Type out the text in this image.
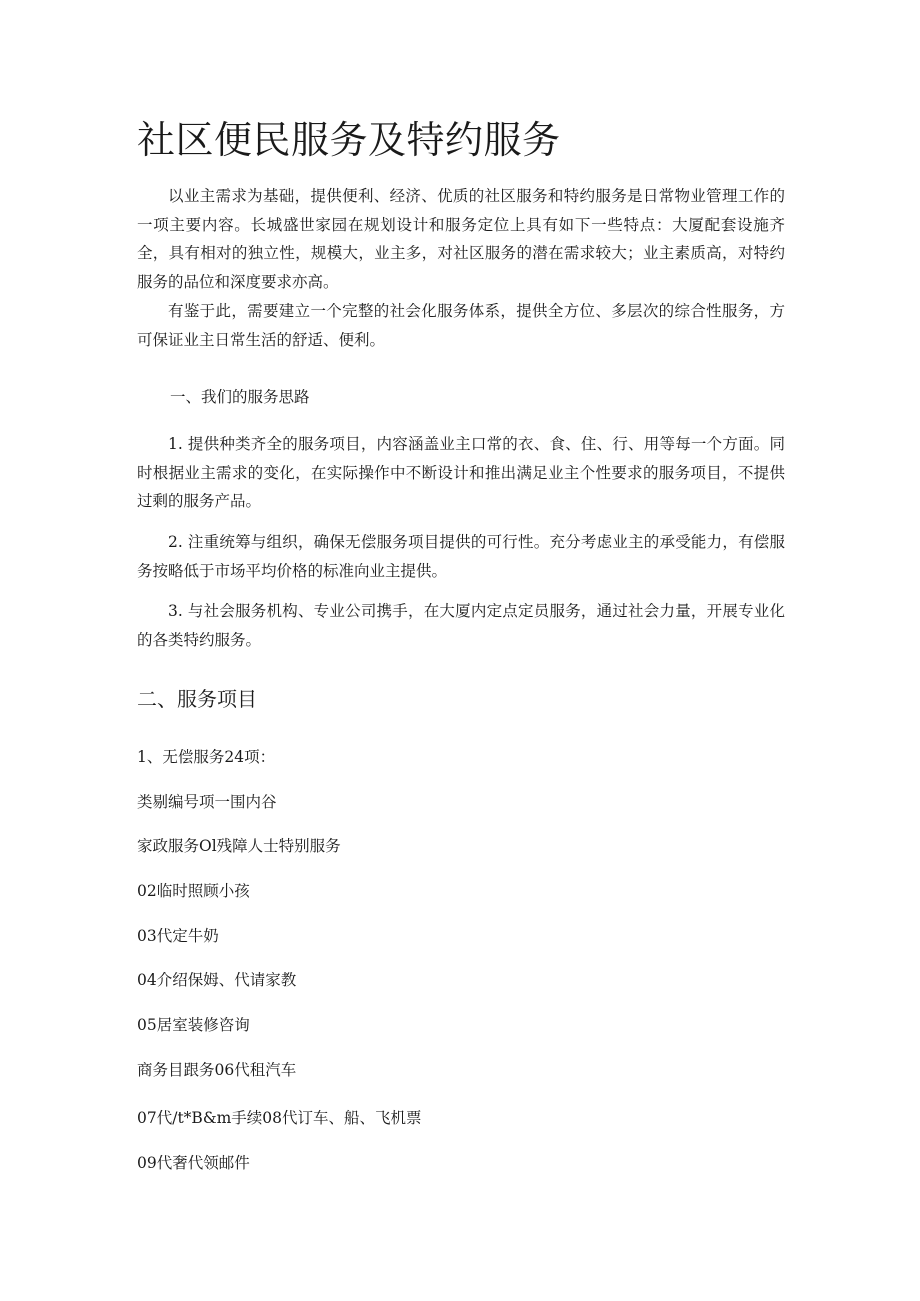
社区便民服务及特约服务

以业主需求为基础，提供便利、经济、优质的社区服务和特约服务是日常物业管理工作的一项主要内容。长城盛世家园在规划设计和服务定位上具有如下一些特点：大厦配套设施齐全，具有相对的独立性，规模大，业主多，对社区服务的潜在需求较大；业主素质高，对特约服务的品位和深度要求亦高。

有鉴于此，需要建立一个完整的社会化服务体系，提供全方位、多层次的综合性服务，方可保证业主日常生活的舒适、便利。

一、我们的服务思路

1. 提供种类齐全的服务项目，内容涵盖业主口常的衣、食、住、行、用等每一个方面。同时根据业主需求的变化，在实际操作中不断设计和推出满足业主个性要求的服务项目，不提供过剩的服务产品。

2. 注重统筹与组织，确保无偿服务项目提供的可行性。充分考虑业主的承受能力，有偿服务按略低于市场平均价格的标准向业主提供。

3. 与社会服务机构、专业公司携手，在大厦内定点定员服务，通过社会力量，开展专业化的各类特约服务。

二、服务项目

1、无偿服务24项：

类剔编号项一围内谷

家政服务Ol残障人士特别服务

02临时照顾小孩

03代定牛奶

04介绍保姆、代请家教

05居室装修咨询

商务目跟务06代租汽车

07代/t*B&m手续08代订车、船、飞机票

09代奢代领邮件
